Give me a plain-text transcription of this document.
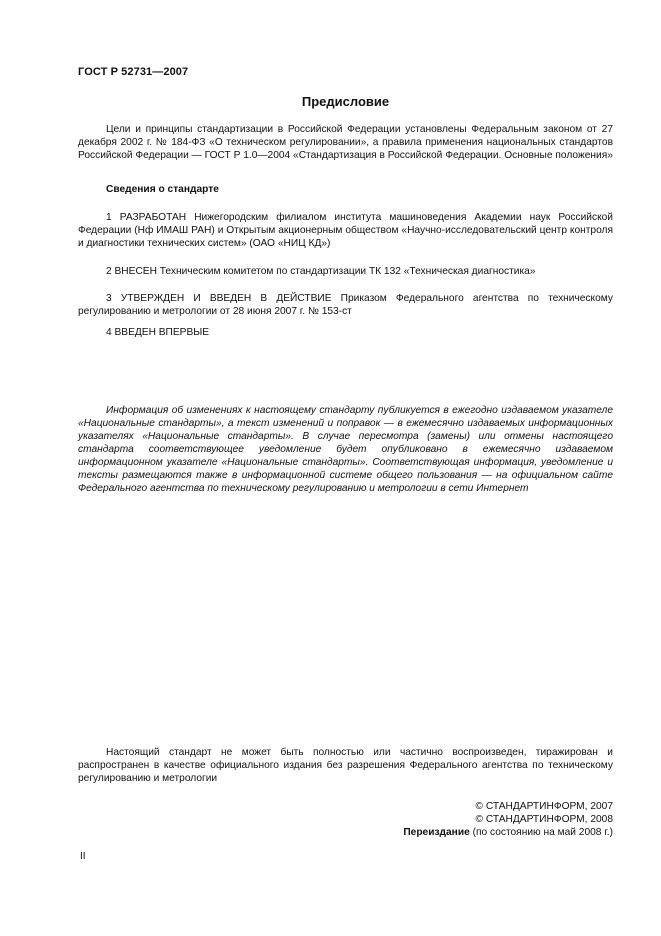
ГОСТ Р 52731—2007
Предисловие
Цели и принципы стандартизации в Российской Федерации установлены Федеральным законом от 27 декабря 2002 г. № 184-ФЗ «О техническом регулировании», а правила применения национальных стандартов Российской Федерации — ГОСТ Р 1.0—2004 «Стандартизация в Российской Федерации. Основные положения»
Сведения о стандарте
1 РАЗРАБОТАН Нижегородским филиалом института машиноведения Академии наук Российской Федерации (Нф ИМАШ РАН) и Открытым акционерным обществом «Научно-исследовательский центр контроля и диагностики технических систем» (ОАО «НИЦ КД»)
2 ВНЕСЕН Техническим комитетом по стандартизации ТК 132 «Техническая диагностика»
3 УТВЕРЖДЕН И ВВЕДЕН В ДЕЙСТВИЕ Приказом Федерального агентства по техническому регулированию и метрологии от 28 июня 2007 г. № 153-ст
4 ВВЕДЕН ВПЕРВЫЕ
Информация об изменениях к настоящему стандарту публикуется в ежегодно издаваемом указателе «Национальные стандарты», а текст изменений и поправок — в ежемесячно издаваемых информационных указателях «Национальные стандарты». В случае пересмотра (замены) или отмены настоящего стандарта соответствующее уведомление будет опубликовано в ежемесячно издаваемом информационном указателе «Национальные стандарты». Соответствующая информация, уведомление и тексты размещаются также в информационной системе общего пользования — на официальном сайте Федерального агентства по техническому регулированию и метрологии в сети Интернет
Настоящий стандарт не может быть полностью или частично воспроизведен, тиражирован и распространен в качестве официального издания без разрешения Федерального агентства по техническому регулированию и метрологии
© СТАНДАРТИНФОРМ, 2007
© СТАНДАРТИНФОРМ, 2008
Переиздание (по состоянию на май 2008 г.)
II
